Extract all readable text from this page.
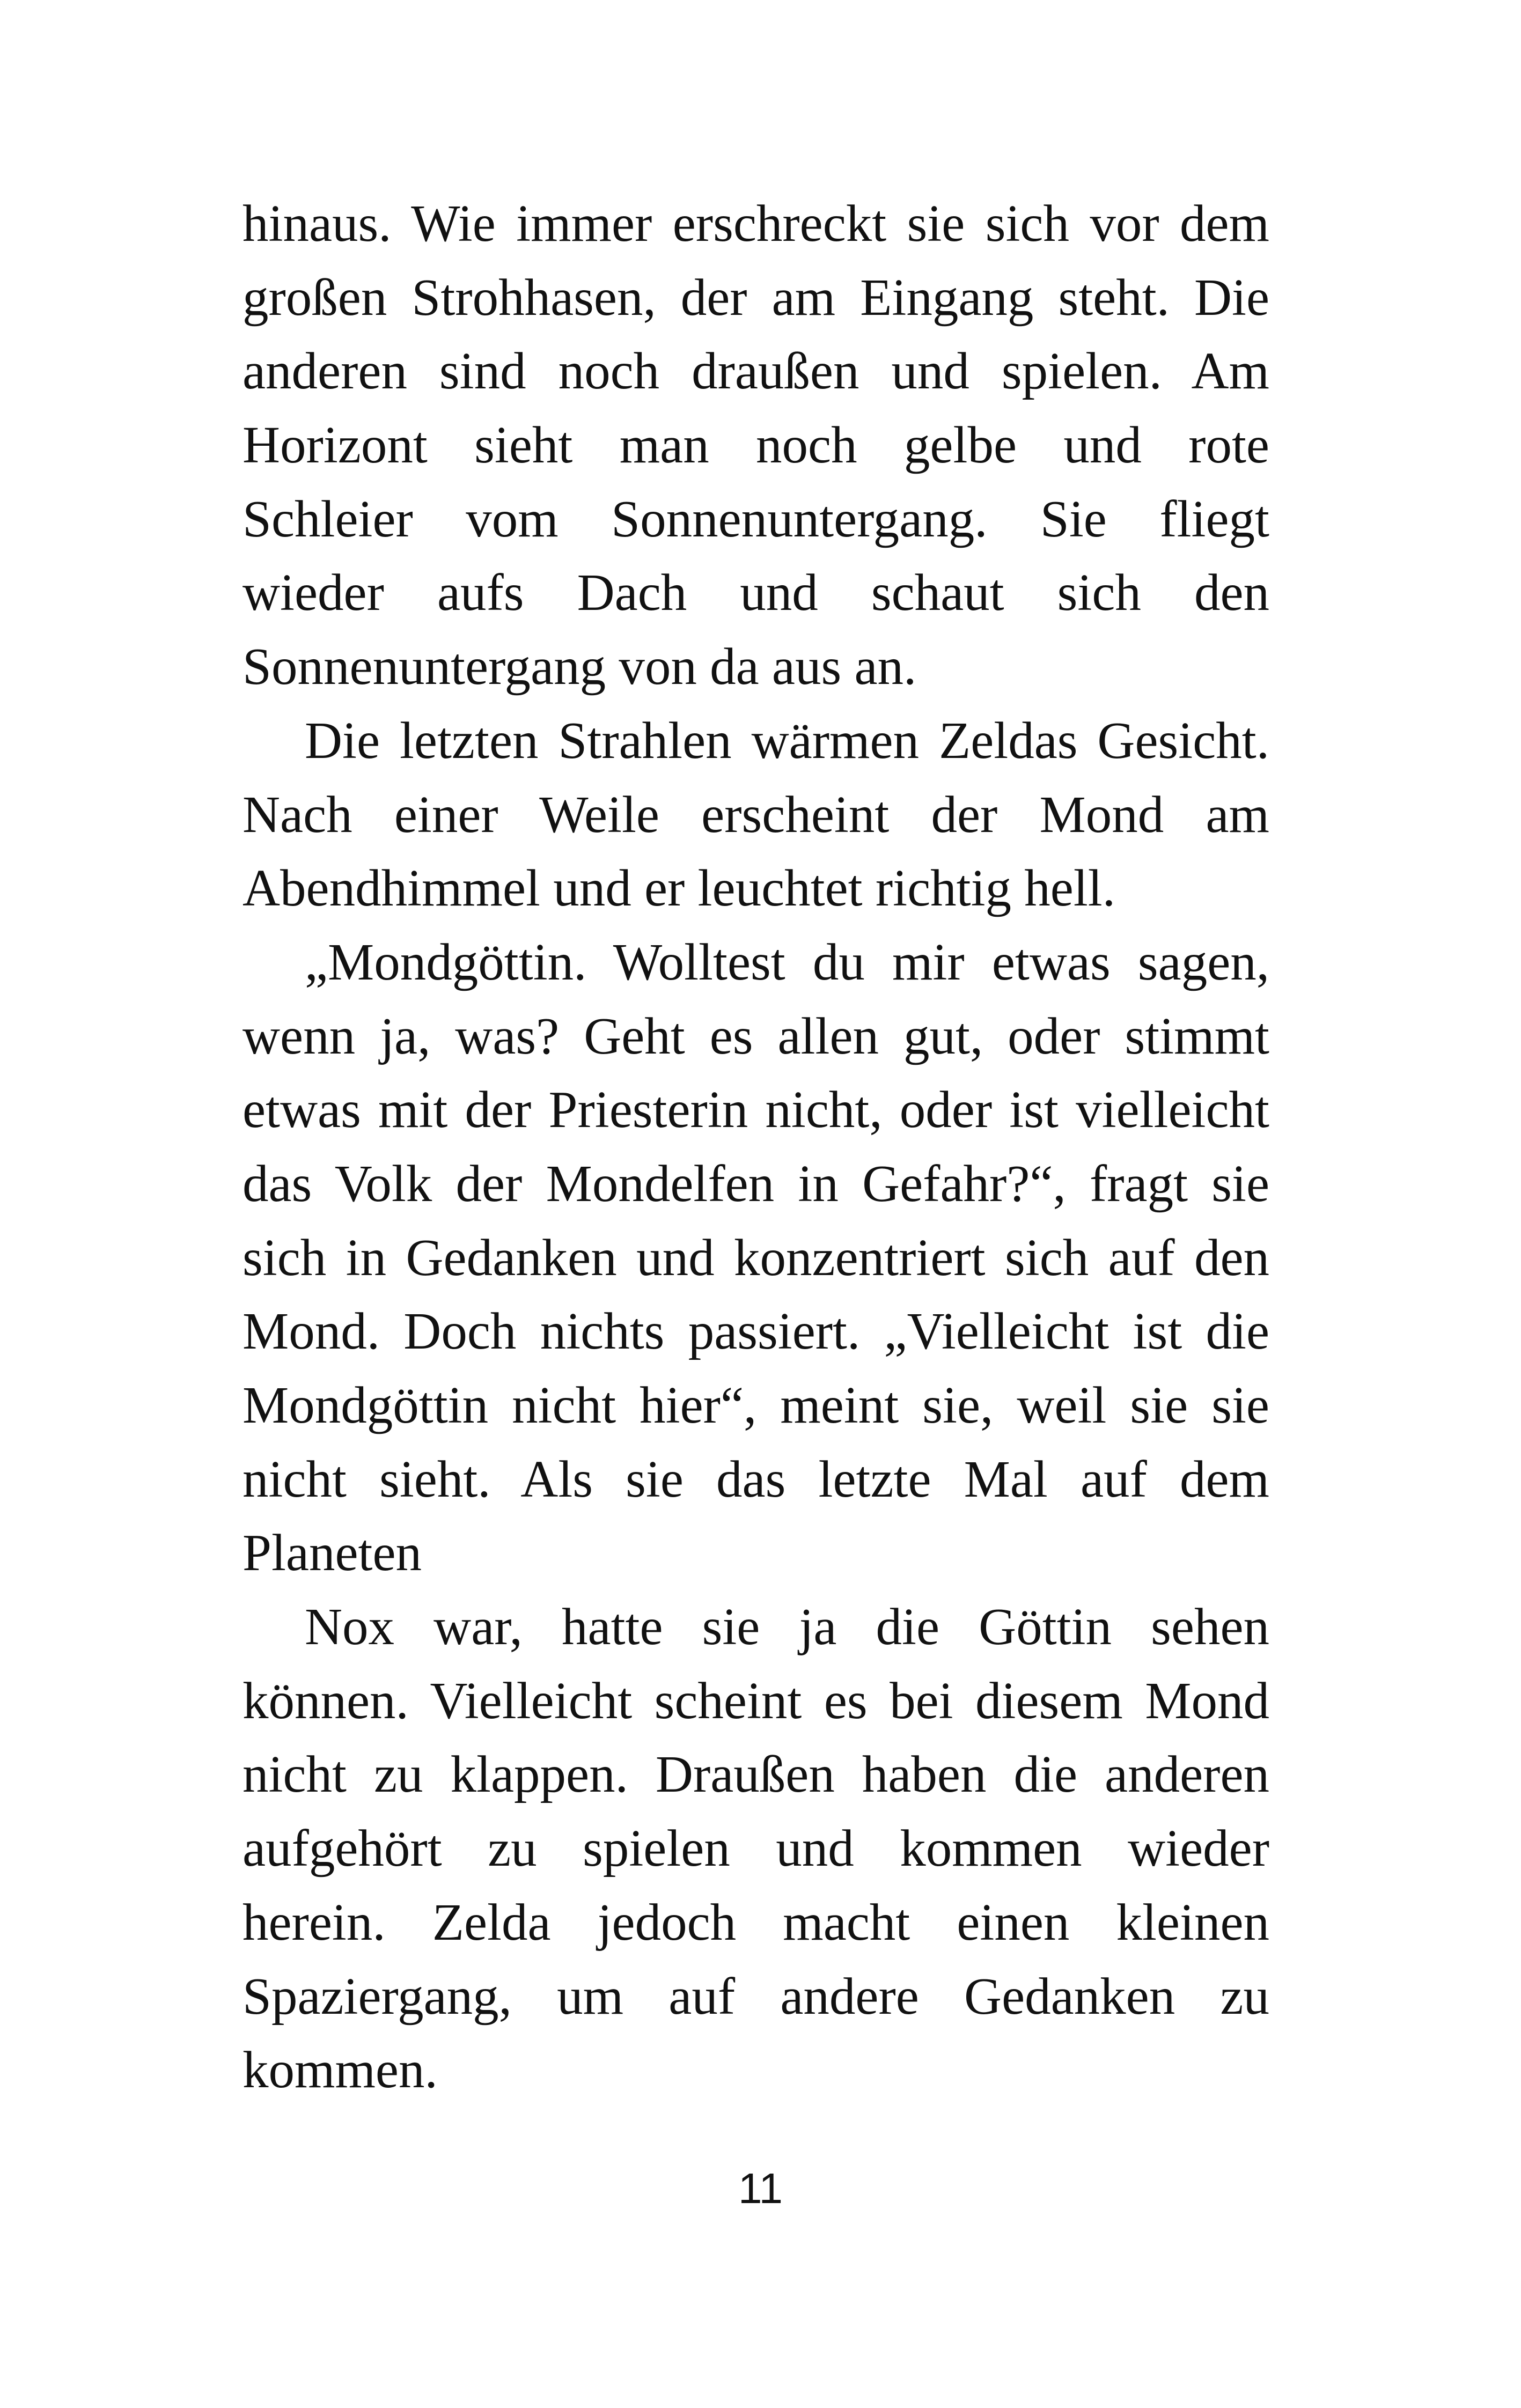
hinaus. Wie immer erschreckt sie sich vor dem
großen Strohhasen, der am Eingang steht. Die
anderen sind noch draußen und spielen. Am
Horizont sieht man noch gelbe und rote
Schleier vom Sonnenuntergang. Sie fliegt
wieder aufs Dach und schaut sich den
Sonnenuntergang von da aus an.
Die letzten Strahlen wärmen Zeldas Gesicht.
Nach einer Weile erscheint der Mond am
Abendhimmel und er leuchtet richtig hell.
„Mondgöttin. Wolltest du mir etwas sagen,
wenn ja, was? Geht es allen gut, oder stimmt
etwas mit der Priesterin nicht, oder ist vielleicht
das Volk der Mondelfen in Gefahr?“, fragt sie
sich in Gedanken und konzentriert sich auf den
Mond. Doch nichts passiert. „Vielleicht ist die
Mondgöttin nicht hier“, meint sie, weil sie sie
nicht sieht. Als sie das letzte Mal auf dem
Planeten
Nox war, hatte sie ja die Göttin sehen
können. Vielleicht scheint es bei diesem Mond
nicht zu klappen. Draußen haben die anderen
aufgehört zu spielen und kommen wieder
herein. Zelda jedoch macht einen kleinen
Spaziergang, um auf andere Gedanken zu
kommen.
11
